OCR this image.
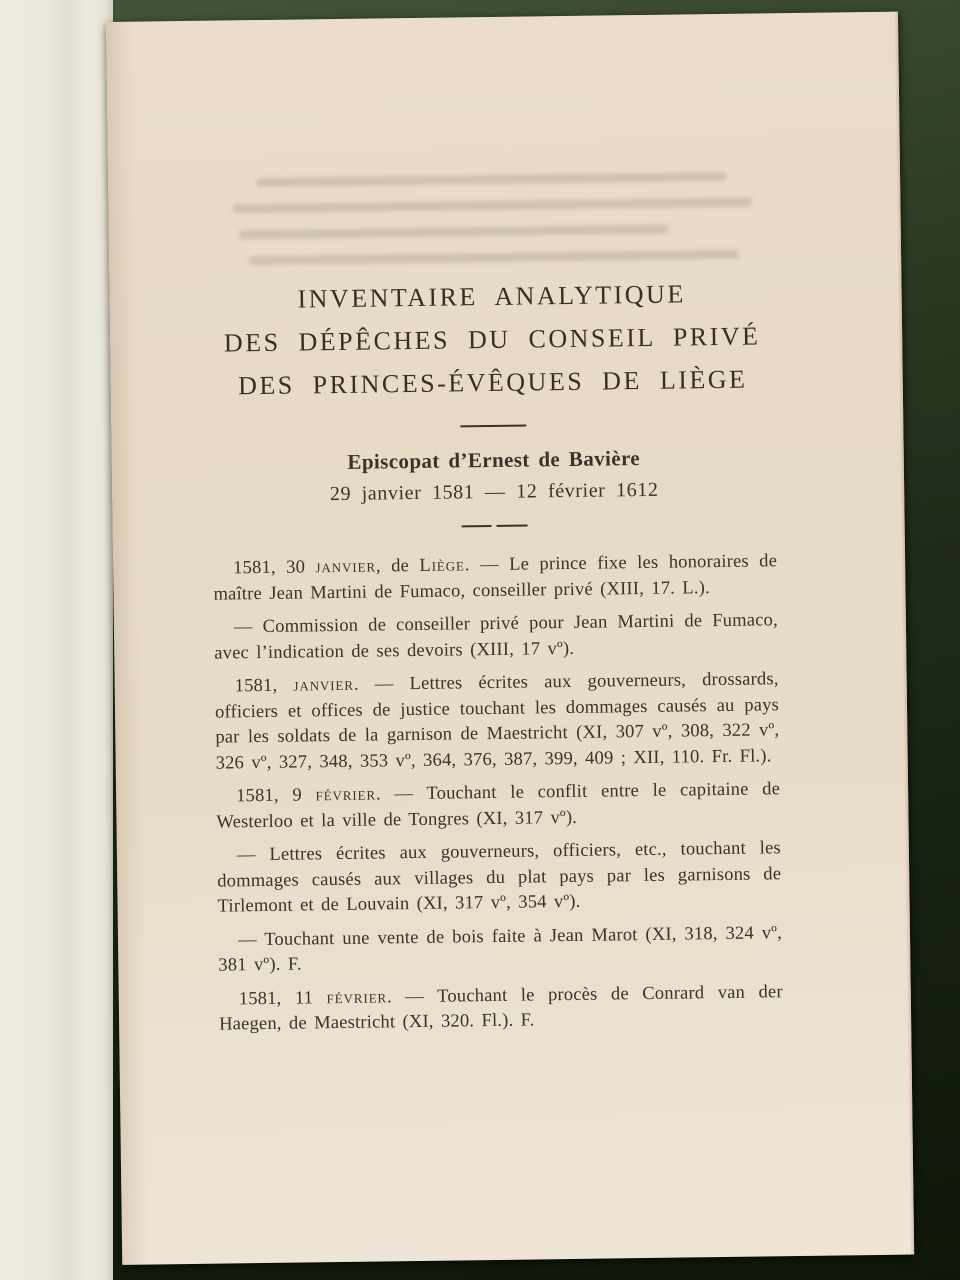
INVENTAIRE ANALYTIQUE
DES DÉPÊCHES DU CONSEIL PRIVÉ
DES PRINCES-ÉVÊQUES DE LIÈGE
Episcopat d’Ernest de Bavière
29 janvier 1581 — 12 février 1612

1581, 30 janvier, de Liège. — Le prince fixe les honoraires de maître Jean Martini de Fumaco, conseiller privé (XIII, 17. L.).

— Commission de conseiller privé pour Jean Martini de Fumaco, avec l’indication de ses devoirs (XIII, 17 vº).

1581, janvier. — Lettres écrites aux gouverneurs, drossards, officiers et offices de justice touchant les dommages causés au pays par les soldats de la garnison de Maestricht (XI, 307 vº, 308, 322 vº, 326 vº, 327, 348, 353 vº, 364, 376, 387, 399, 409 ; XII, 110. Fr. Fl.).

1581, 9 février. — Touchant le conflit entre le capitaine de Westerloo et la ville de Tongres (XI, 317 vº).

— Lettres écrites aux gouverneurs, officiers, etc., touchant les dommages causés aux villages du plat pays par les garnisons de Tirlemont et de Louvain (XI, 317 vº, 354 vº).

— Touchant une vente de bois faite à Jean Marot (XI, 318, 324 vº, 381 vº). F.

1581, 11 février. — Touchant le procès de Conrard van der Haegen, de Maestricht (XI, 320. Fl.). F.
